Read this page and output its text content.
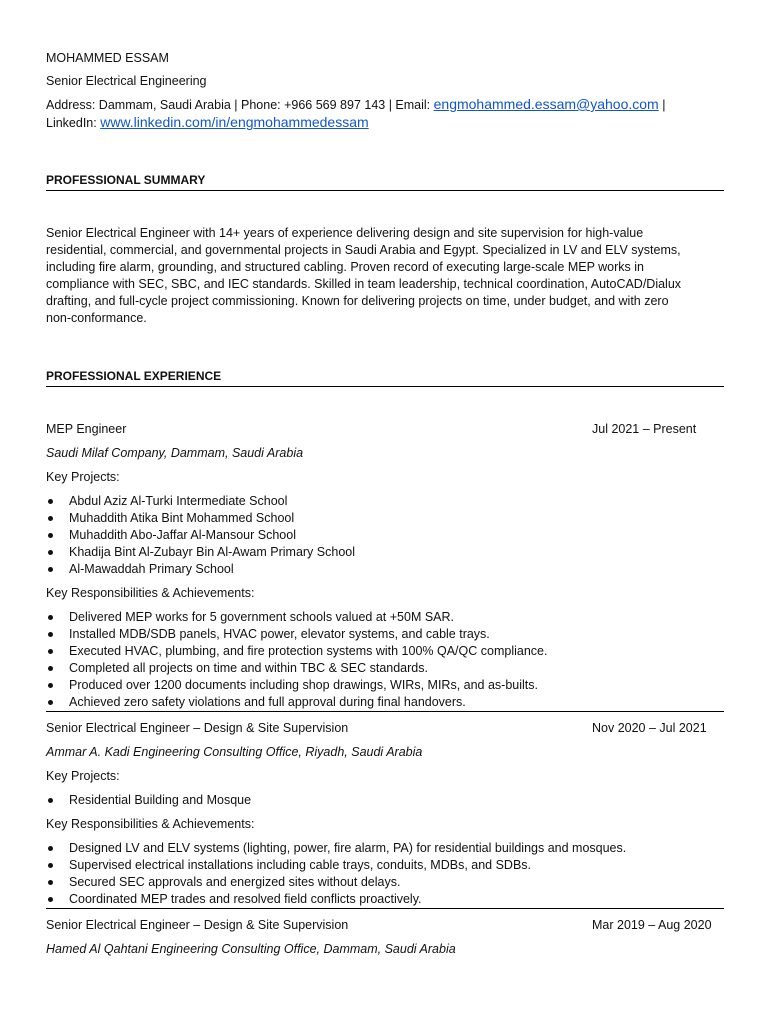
MOHAMMED ESSAM
Senior Electrical Engineering
Address: Dammam, Saudi Arabia | Phone: +966 569 897 143 | Email: engmohammed.essam@yahoo.com |
LinkedIn: www.linkedin.com/in/engmohammedessam
PROFESSIONAL SUMMARY
Senior Electrical Engineer with 14+ years of experience delivering design and site supervision for high-value
residential, commercial, and governmental projects in Saudi Arabia and Egypt. Specialized in LV and ELV systems,
including fire alarm, grounding, and structured cabling. Proven record of executing large-scale MEP works in
compliance with SEC, SBC, and IEC standards. Skilled in team leadership, technical coordination, AutoCAD/Dialux
drafting, and full-cycle project commissioning. Known for delivering projects on time, under budget, and with zero
non-conformance.
PROFESSIONAL EXPERIENCE
MEP Engineer	Jul 2021 – Present
Saudi Milaf Company, Dammam, Saudi Arabia
Key Projects:
Abdul Aziz Al-Turki Intermediate School
Muhaddith Atika Bint Mohammed School
Muhaddith Abo-Jaffar Al-Mansour School
Khadija Bint Al-Zubayr Bin Al-Awam Primary School
Al-Mawaddah Primary School
Key Responsibilities & Achievements:
Delivered MEP works for 5 government schools valued at +50M SAR.
Installed MDB/SDB panels, HVAC power, elevator systems, and cable trays.
Executed HVAC, plumbing, and fire protection systems with 100% QA/QC compliance.
Completed all projects on time and within TBC & SEC standards.
Produced over 1200 documents including shop drawings, WIRs, MIRs, and as-builts.
Achieved zero safety violations and full approval during final handovers.
Senior Electrical Engineer – Design & Site Supervision	Nov 2020 – Jul 2021
Ammar A. Kadi Engineering Consulting Office, Riyadh, Saudi Arabia
Key Projects:
Residential Building and Mosque
Key Responsibilities & Achievements:
Designed LV and ELV systems (lighting, power, fire alarm, PA) for residential buildings and mosques.
Supervised electrical installations including cable trays, conduits, MDBs, and SDBs.
Secured SEC approvals and energized sites without delays.
Coordinated MEP trades and resolved field conflicts proactively.
Senior Electrical Engineer – Design & Site Supervision	Mar 2019 – Aug 2020
Hamed Al Qahtani Engineering Consulting Office, Dammam, Saudi Arabia
